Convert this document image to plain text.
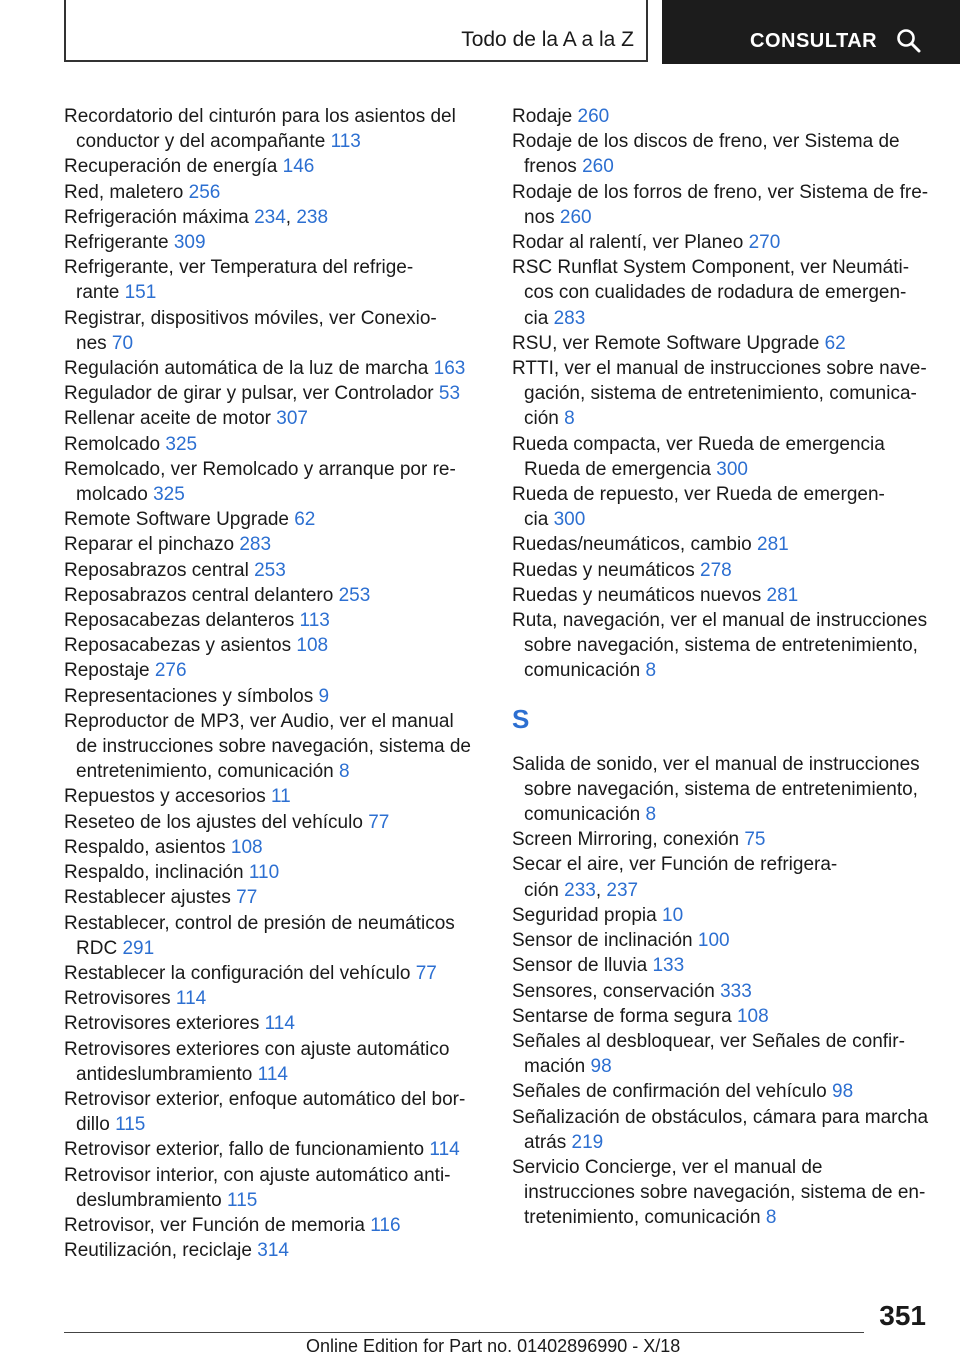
Todo de la A a la Z	CONSULTAR
Recordatorio del cinturón para los asientos del
conductor y del acompañante 113
Recuperación de energía 146
Red, maletero 256
Refrigeración máxima 234, 238
Refrigerante 309
Refrigerante, ver Temperatura del refrige-
rante 151
Registrar, dispositivos móviles, ver Conexio-
nes 70
Regulación automática de la luz de marcha 163
Regulador de girar y pulsar, ver Controlador 53
Rellenar aceite de motor 307
Remolcado 325
Remolcado, ver Remolcado y arranque por re-
molcado 325
Remote Software Upgrade 62
Reparar el pinchazo 283
Reposabrazos central 253
Reposabrazos central delantero 253
Reposacabezas delanteros 113
Reposacabezas y asientos 108
Repostaje 276
Representaciones y símbolos 9
Reproductor de MP3, ver Audio, ver el manual
de instrucciones sobre navegación, sistema de
entretenimiento, comunicación 8
Repuestos y accesorios 11
Reseteo de los ajustes del vehículo 77
Respaldo, asientos 108
Respaldo, inclinación 110
Restablecer ajustes 77
Restablecer, control de presión de neumáticos
RDC 291
Restablecer la configuración del vehículo 77
Retrovisores 114
Retrovisores exteriores 114
Retrovisores exteriores con ajuste automático
antideslumbramiento 114
Retrovisor exterior, enfoque automático del bor-
dillo 115
Retrovisor exterior, fallo de funcionamiento 114
Retrovisor interior, con ajuste automático anti-
deslumbramiento 115
Retrovisor, ver Función de memoria 116
Reutilización, reciclaje 314
Rodaje 260
Rodaje de los discos de freno, ver Sistema de
frenos 260
Rodaje de los forros de freno, ver Sistema de fre-
nos 260
Rodar al ralentí, ver Planeo 270
RSC Runflat System Component, ver Neumáti-
cos con cualidades de rodadura de emergen-
cia 283
RSU, ver Remote Software Upgrade 62
RTTI, ver el manual de instrucciones sobre nave-
gación, sistema de entretenimiento, comunica-
ción 8
Rueda compacta, ver Rueda de emergencia
Rueda de emergencia 300
Rueda de repuesto, ver Rueda de emergen-
cia 300
Ruedas/neumáticos, cambio 281
Ruedas y neumáticos 278
Ruedas y neumáticos nuevos 281
Ruta, navegación, ver el manual de instrucciones
sobre navegación, sistema de entretenimiento,
comunicación 8
S
Salida de sonido, ver el manual de instrucciones
sobre navegación, sistema de entretenimiento,
comunicación 8
Screen Mirroring, conexión 75
Secar el aire, ver Función de refrigera-
ción 233, 237
Seguridad propia 10
Sensor de inclinación 100
Sensor de lluvia 133
Sensores, conservación 333
Sentarse de forma segura 108
Señales al desbloquear, ver Señales de confir-
mación 98
Señales de confirmación del vehículo 98
Señalización de obstáculos, cámara para marcha
atrás 219
Servicio Concierge, ver el manual de
instrucciones sobre navegación, sistema de en-
tretenimiento, comunicación 8
351
Online Edition for Part no. 01402896990 - X/18
